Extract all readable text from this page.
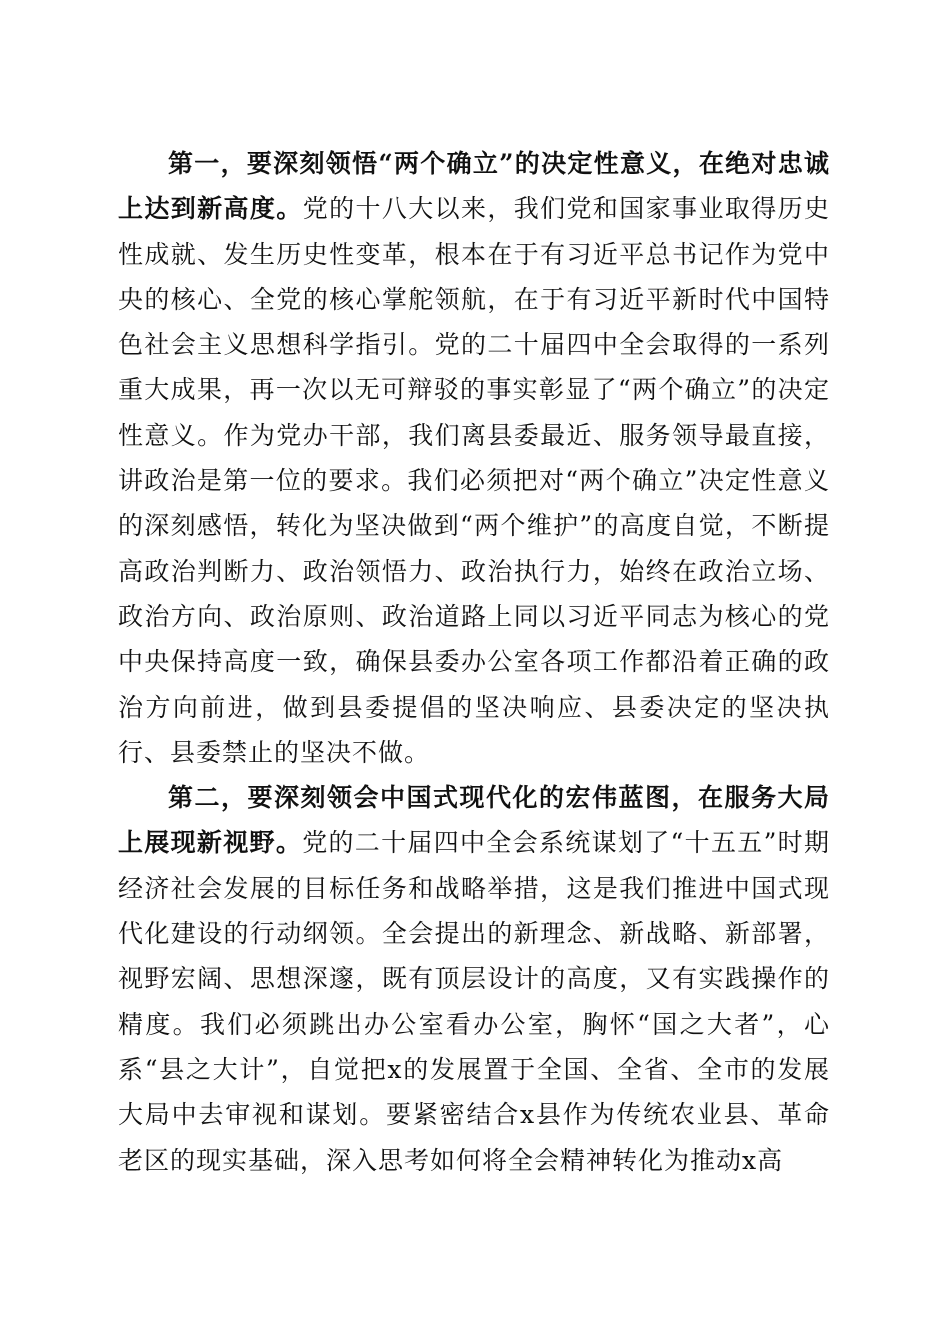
第一，要深刻领悟“两个确立”的决定性意义，在绝对忠诚上达到新高度。党的十八大以来，我们党和国家事业取得历史性成就、发生历史性变革，根本在于有习近平总书记作为党中央的核心、全党的核心掌舵领航，在于有习近平新时代中国特色社会主义思想科学指引。党的二十届四中全会取得的一系列重大成果，再一次以无可辩驳的事实彰显了“两个确立”的决定性意义。作为党办干部，我们离县委最近、服务领导最直接，讲政治是第一位的要求。我们必须把对“两个确立”决定性意义的深刻感悟，转化为坚决做到“两个维护”的高度自觉，不断提高政治判断力、政治领悟力、政治执行力，始终在政治立场、政治方向、政治原则、政治道路上同以习近平同志为核心的党中央保持高度一致，确保县委办公室各项工作都沿着正确的政治方向前进，做到县委提倡的坚决响应、县委决定的坚决执行、县委禁止的坚决不做。

第二，要深刻领会中国式现代化的宏伟蓝图，在服务大局上展现新视野。党的二十届四中全会系统谋划了“十五五”时期经济社会发展的目标任务和战略举措，这是我们推进中国式现代化建设的行动纲领。全会提出的新理念、新战略、新部署，视野宏阔、思想深邃，既有顶层设计的高度，又有实践操作的精度。我们必须跳出办公室看办公室，胸怀“国之大者”，心系“县之大计”，自觉把x的发展置于全国、全省、全市的发展大局中去审视和谋划。要紧密结合x县作为传统农业县、革命老区的现实基础，深入思考如何将全会精神转化为推动x高
